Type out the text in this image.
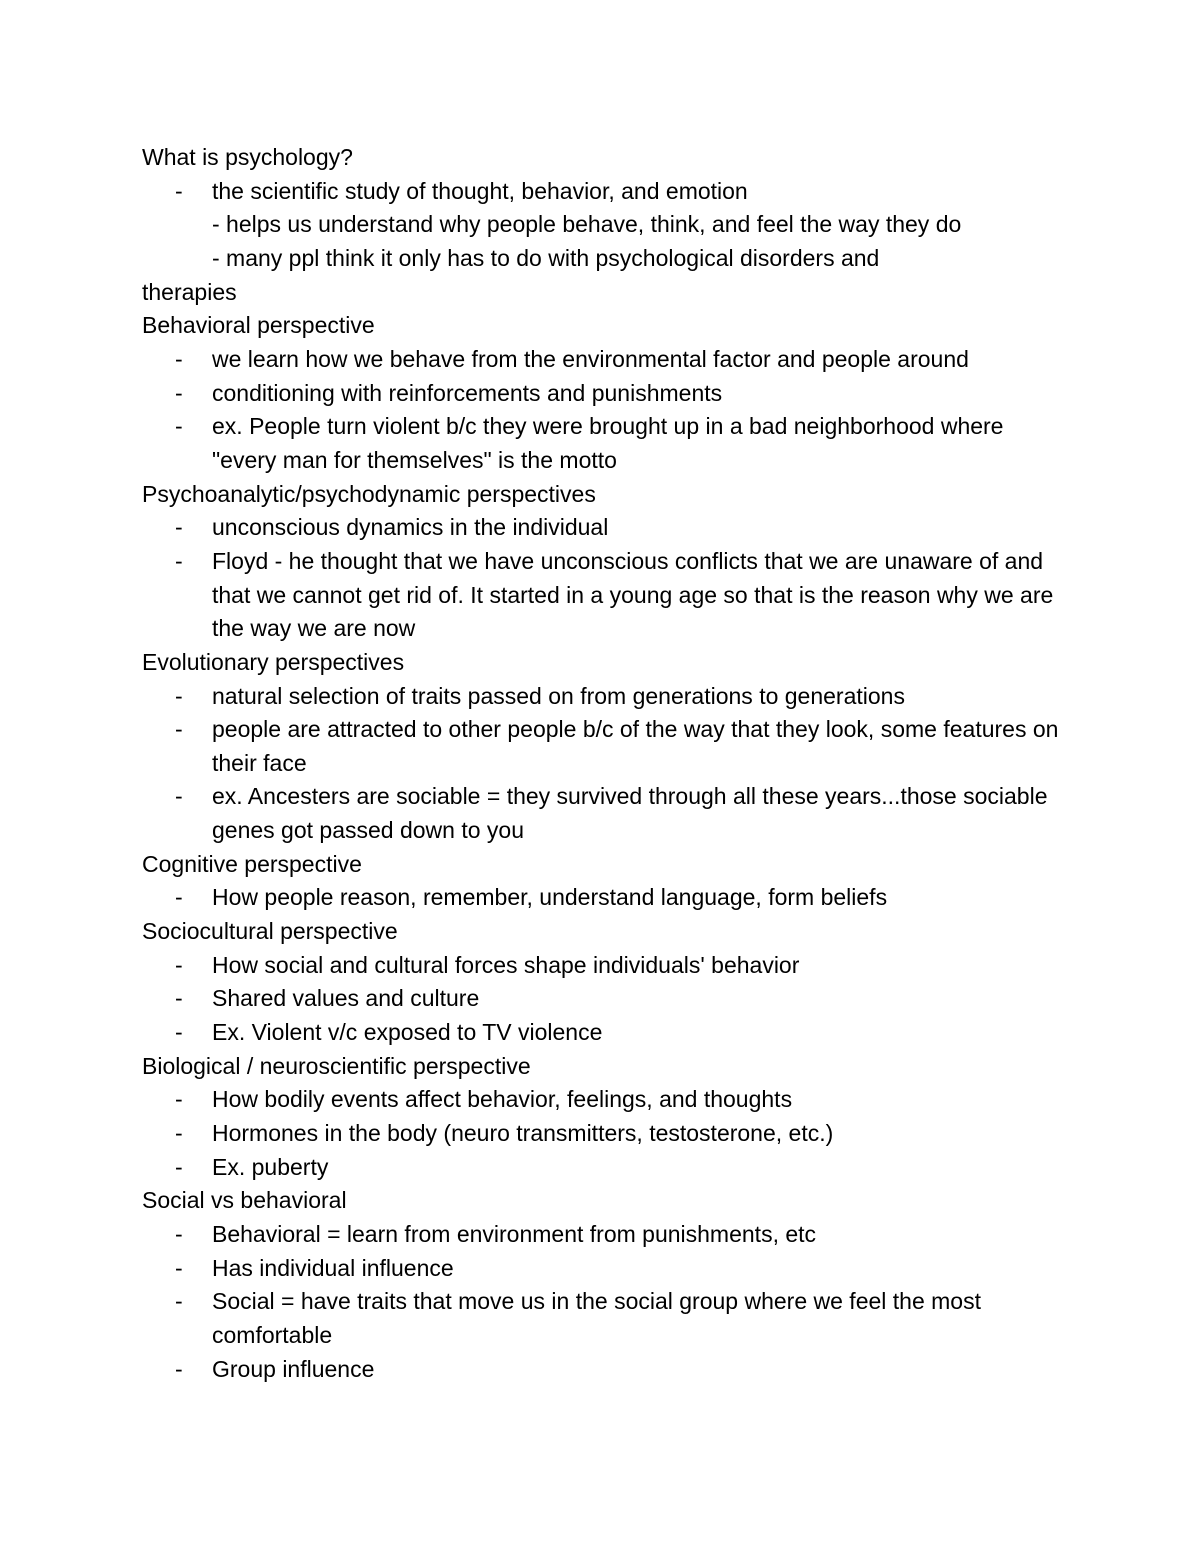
What is psychology?
- the scientific study of thought, behavior, and emotion
- helps us understand why people behave, think, and feel the way they do
- many ppl think it only has to do with psychological disorders and
therapies
Behavioral perspective
- we learn how we behave from the environmental factor and people around
- conditioning with reinforcements and punishments
- ex. People turn violent b/c they were brought up in a bad neighborhood where "every man for themselves" is the motto
Psychoanalytic/psychodynamic perspectives
- unconscious dynamics in the individual
- Floyd - he thought that we have unconscious conflicts that we are unaware of and that we cannot get rid of. It started in a young age so that is the reason why we are the way we are now
Evolutionary perspectives
- natural selection of traits passed on from generations to generations
- people are attracted to other people b/c of the way that they look, some features on their face
- ex. Ancesters are sociable = they survived through all these years...those sociable genes got passed down to you
Cognitive perspective
- How people reason, remember, understand language, form beliefs
Sociocultural perspective
- How social and cultural forces shape individuals' behavior
- Shared values and culture
- Ex. Violent v/c exposed to TV violence
Biological / neuroscientific perspective
- How bodily events affect behavior, feelings, and thoughts
- Hormones in the body (neuro transmitters, testosterone, etc.)
- Ex. puberty
Social vs behavioral
- Behavioral = learn from environment from punishments, etc
- Has individual influence
- Social = have traits that move us in the social group where we feel the most comfortable
- Group influence
